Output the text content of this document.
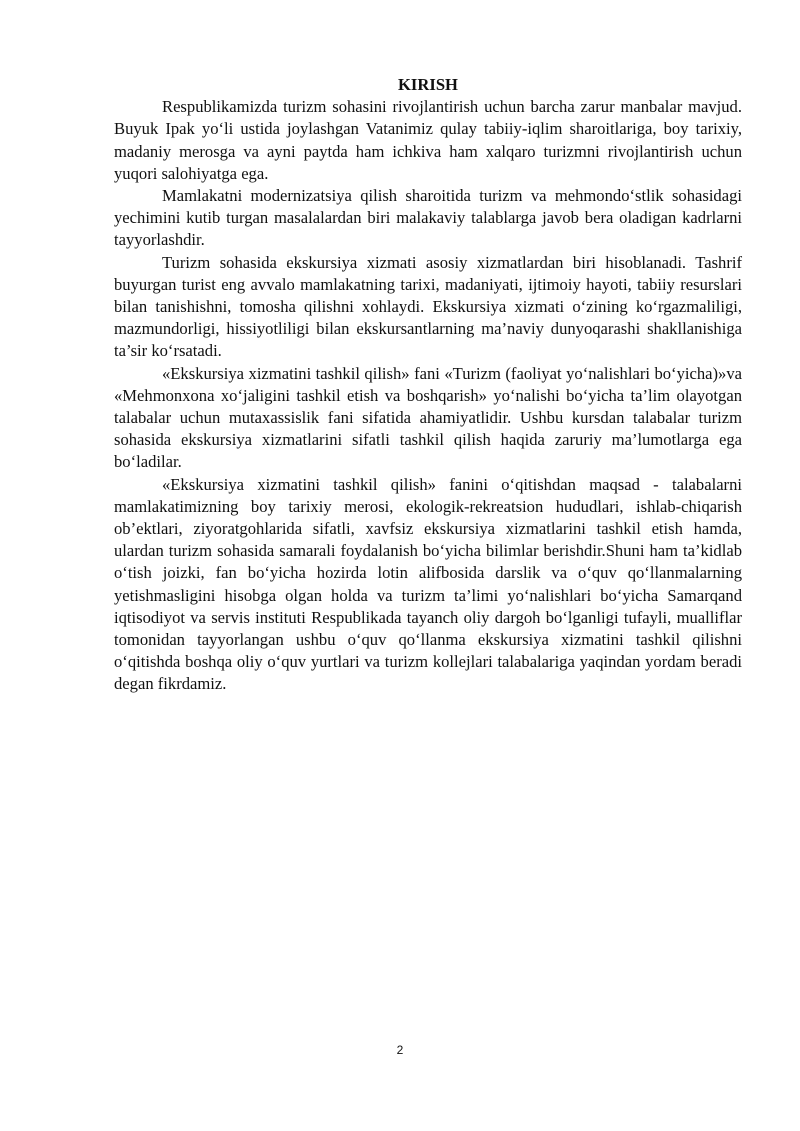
KIRISH

Respublikamizda turizm sohasini rivojlantirish uchun barcha zarur manbalar mavjud. Buyuk Ipak yo‘li ustida joylashgan Vatanimiz qulay tabiiy-iqlim sharoitlariga, boy tarixiy, madaniy merosga va ayni paytda ham ichkiva ham xalqaro turizmni rivojlantirish uchun yuqori salohiyatga ega.

Mamlakatni modernizatsiya qilish sharoitida turizm va mehmondo‘stlik sohasidagi yechimini kutib turgan masalalardan biri malakaviy talablarga javob bera oladigan kadrlarni tayyorlashdir.

Turizm sohasida ekskursiya xizmati asosiy xizmatlardan biri hisoblanadi. Tashrif buyurgan turist eng avvalo mamlakatning tarixi, madaniyati, ijtimoiy hayoti, tabiiy resurslari bilan tanishishni, tomosha qilishni xohlaydi. Ekskursiya xizmati o‘zining ko‘rgazmaliligi, mazmundorligi, hissiyotliligi bilan ekskursantlarning ma’naviy dunyoqarashi shakllanishiga ta’sir ko‘rsatadi.

«Ekskursiya xizmatini tashkil qilish» fani «Turizm (faoliyat yo‘nalishlari bo‘yicha)»va «Mehmonxona xo‘jaligini tashkil etish va boshqarish» yo‘nalishi bo‘yicha ta’lim olayotgan talabalar uchun mutaxassislik fani sifatida ahamiyatlidir. Ushbu kursdan talabalar turizm sohasida ekskursiya xizmatlarini sifatli tashkil qilish haqida zaruriy ma’lumotlarga ega bo‘ladilar.

«Ekskursiya xizmatini tashkil qilish» fanini o‘qitishdan maqsad - talabalarni mamlakatimizning boy tarixiy merosi, ekologik-rekreatsion hududlari, ishlab-chiqarish ob’ektlari, ziyoratgohlarida sifatli, xavfsiz ekskursiya xizmatlarini tashkil etish hamda, ulardan turizm sohasida samarali foydalanish bo‘yicha bilimlar berishdir.Shuni ham ta’kidlab o‘tish joizki, fan bo‘yicha hozirda lotin alifbosida darslik va o‘quv qo‘llanmalarning yetishmasligini hisobga olgan holda va turizm ta’limi yo‘nalishlari bo‘yicha Samarqand iqtisodiyot va servis instituti Respublikada tayanch oliy dargoh bo‘lganligi tufayli, mualliflar tomonidan tayyorlangan ushbu o‘quv qo‘llanma ekskursiya xizmatini tashkil qilishni o‘qitishda boshqa oliy o‘quv yurtlari va turizm kollejlari talabalariga yaqindan yordam beradi degan fikrdamiz.

2
